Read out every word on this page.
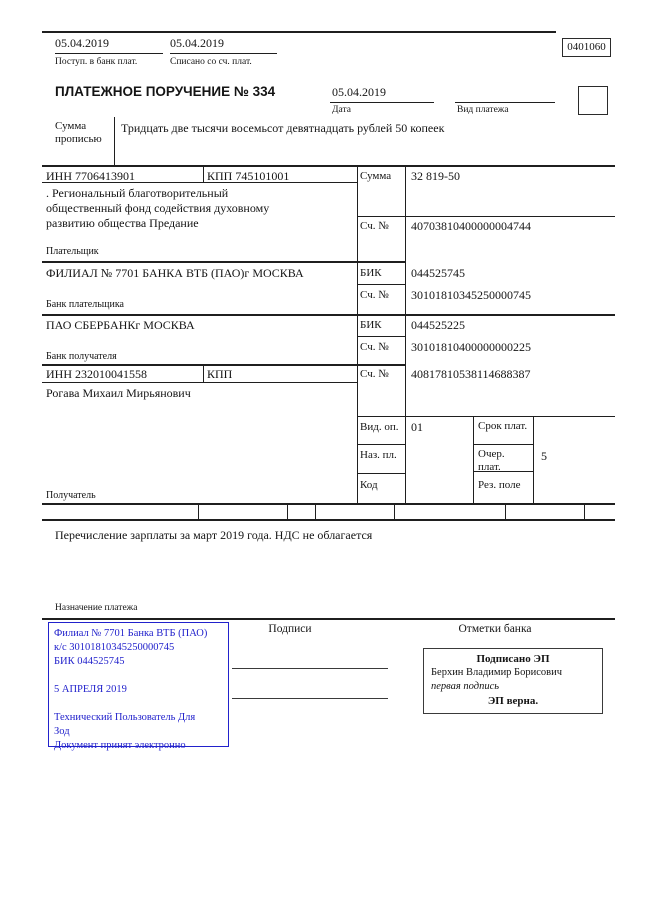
05.04.2019
Поступ. в банк плат.
05.04.2019
Списано со сч. плат.
0401060
ПЛАТЕЖНОЕ ПОРУЧЕНИЕ № 334	05.04.2019
Дата	Вид платежа
Сумма прописью
Тридцать две тысячи восемьсот девятнадцать рублей 50 копеек
ИНН 7706413901	КПП 745101001	Сумма 32 819-50
. Региональный благотворительный
общественный фонд содействия духовному
развитию общества Предание	Сч. № 40703810400000004744
Плательщик
ФИЛИАЛ № 7701 БАНКА ВТБ (ПАО)г МОСКВА	БИК 044525745
Сч. № 30101810345250000745
Банк плательщика
ПАО СБЕРБАНКг МОСКВА	БИК 044525225
Сч. № 30101810400000000225
Банк получателя
ИНН 232010041558	КПП	Сч. № 40817810538114688387
Рогава Михаил Мирьянович
Вид. оп. 01	Срок плат.
Наз. пл.	Очер. плат.
5
Код	Рез. поле
Получатель
Перечисление зарплаты за март 2019 года. НДС не облагается
Назначение платежа
Филиал № 7701 Банка ВТБ (ПАО)
к/с 30101810345250000745
БИК 044525745
5 АПРЕЛЯ 2019
Технический Пользователь Для
Зод
Документ принят электронно
Подписи	Отметки банка
Подписано ЭП
Берхин Владимир Борисович
первая подпись
ЭП верна.
